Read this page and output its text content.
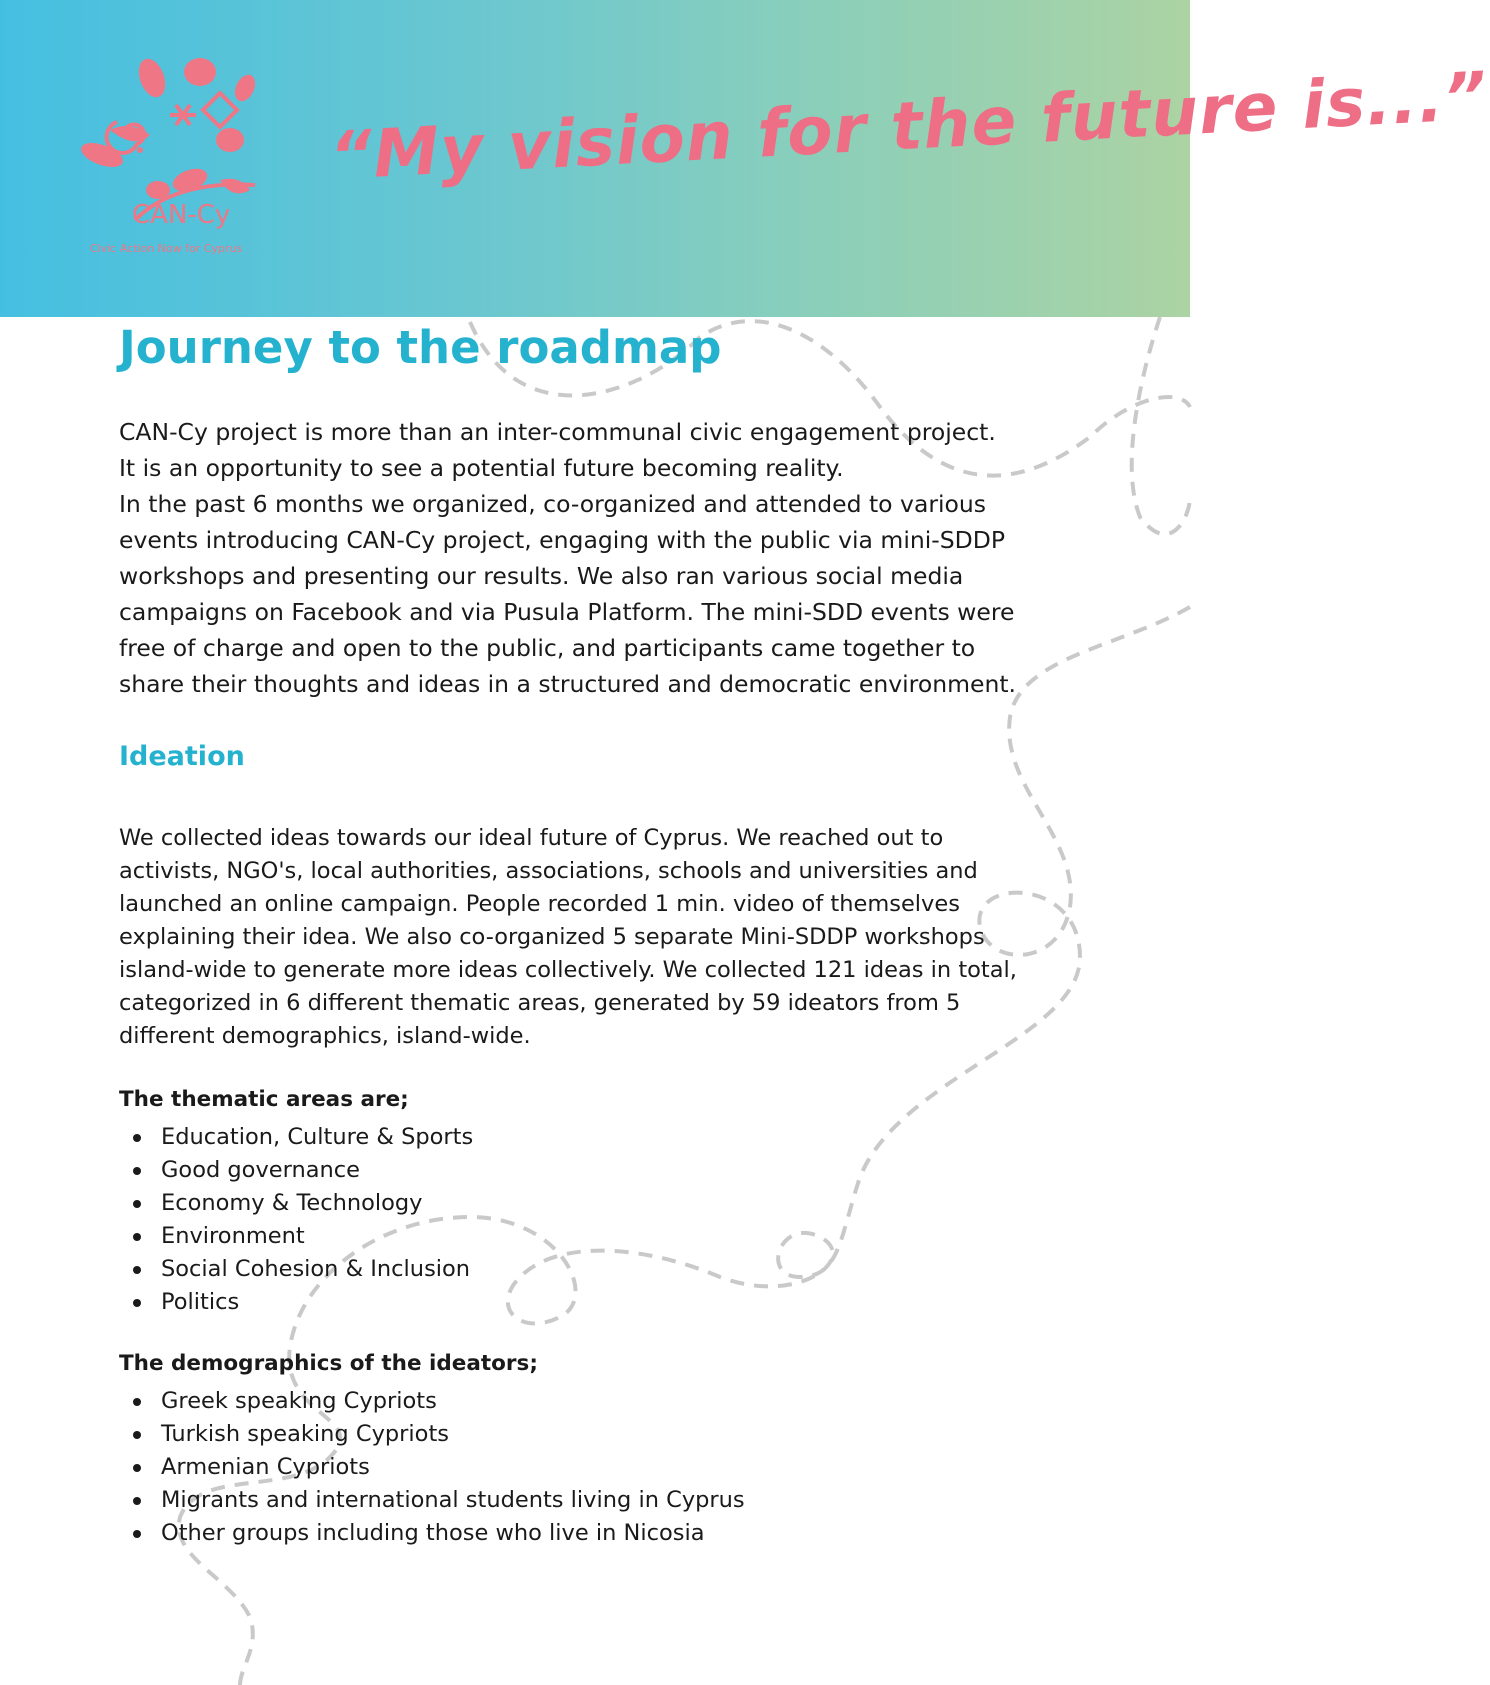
CAN-Cy
Civic Action Now for Cyprus
“My vision for the future is...”
Journey to the roadmap
CAN-Cy project is more than an inter-communal civic engagement project.
It is an opportunity to see a potential future becoming reality.
In the past 6 months we organized, co-organized and attended to various
events introducing CAN-Cy project, engaging with the public via mini-SDDP
workshops and presenting our results. We also ran various social media
campaigns on Facebook and via Pusula Platform. The mini-SDD events were
free of charge and open to the public, and participants came together to
share their thoughts and ideas in a structured and democratic environment.
Ideation
We collected ideas towards our ideal future of Cyprus. We reached out to
activists, NGO's, local authorities, associations, schools and universities and
launched an online campaign. People recorded 1 min. video of themselves
explaining their idea. We also co-organized 5 separate Mini-SDDP workshops
island-wide to generate more ideas collectively. We collected 121 ideas in total,
categorized in 6 different thematic areas, generated by 59 ideators from 5
different demographics, island-wide.
The thematic areas are;
Education, Culture & Sports
Good governance
Economy & Technology
Environment
Social Cohesion & Inclusion
Politics
The demographics of the ideators;
Greek speaking Cypriots
Turkish speaking Cypriots
Armenian Cypriots
Migrants and international students living in Cyprus
Other groups including those who live in Nicosia
